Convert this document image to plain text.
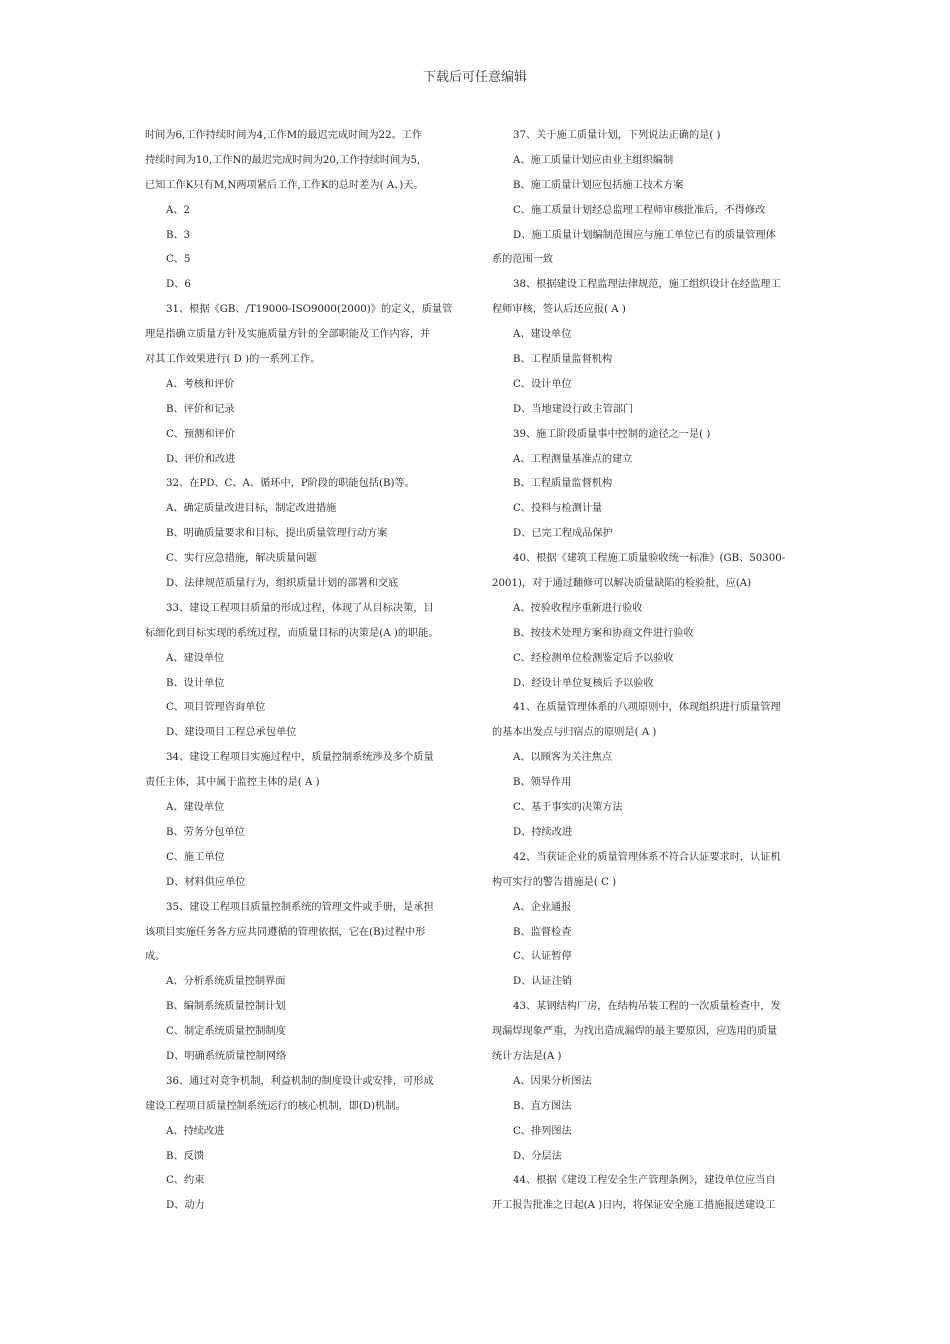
下载后可任意编辑
时间为6,工作持续时间为4,工作M的最迟完成时间为22。工作
持续时间为10,工作N的最迟完成时间为20,工作持续时间为5,
已知工作K只有M,N两项紧后工作,工作K的总时差为( A、)天。
A、2
B、3
C、5
D、6
31、根据《GB、/T19000-ISO9000(2000)》的定义，质量管
理是指确立质量方针及实施质量方针的全部职能及工作内容，并
对其工作效果进行( D )的一系列工作。
A、考核和评价
B、评价和记录
C、预测和评价
D、评价和改进
32、在PD、C、A、循环中，P阶段的职能包括(B)等。
A、确定质量改进目标，制定改进措施
B、明确质量要求和目标，提出质量管理行动方案
C、实行应急措施，解决质量问题
D、法律规范质量行为，组织质量计划的部署和交底
33、建设工程项目质量的形成过程，体现了从目标决策，目
标细化到目标实现的系统过程，而质量目标的决策是(A )的职能。
A、建设单位
B、设计单位
C、项目管理咨询单位
D、建设项目工程总承包单位
34、建设工程项目实施过程中，质量控制系统涉及多个质量
责任主体，其中属于监控主体的是( A )
A、建设单位
B、劳务分包单位
C、施工单位
D、材料供应单位
35、建设工程项目质量控制系统的管理文件或手册，是承担
该项目实施任务各方应共同遵循的管理依据，它在(B)过程中形
成。
A、分析系统质量控制界面
B、编制系统质量控制计划
C、制定系统质量控制制度
D、明确系统质量控制网络
36、通过对竞争机制，利益机制的制度设计或安排，可形成
建设工程项目质量控制系统运行的核心机制，即(D)机制。
A、持续改进
B、反馈
C、约束
D、动力
37、关于施工质量计划，下列说法正确的是( )
A、施工质量计划应由业主组织编制
B、施工质量计划应包括施工技术方案
C、施工质量计划经总监理工程师审核批准后，不得修改
D、施工质量计划编制范围应与施工单位已有的质量管理体
系的范围一致
38、根据建设工程监理法律规范，施工组织设计在经监理工
程师审核，签认后还应报( A )
A、建设单位
B、工程质量监督机构
C、设计单位
D、当地建设行政主管部门
39、施工阶段质量事中控制的途径之一是( )
A、工程测量基准点的建立
B、工程质量监督机构
C、投料与检测计量
D、已完工程成品保护
40、根据《建筑工程施工质量验收统一标准》(GB、50300-
2001)，对于通过翻修可以解决质量缺陷的检验批，应(A)
A、按验收程序重新进行验收
B、按技术处理方案和协商文件进行验收
C、经检测单位检测鉴定后予以验收
D、经设计单位复核后予以验收
41、在质量管理体系的八项原则中，体现组织进行质量管理
的基本出发点与归宿点的原则是( A )
A、以顾客为关注焦点
B、领导作用
C、基于事实的决策方法
D、持续改进
42、当获证企业的质量管理体系不符合认证要求时，认证机
构可实行的警告措施是( C )
A、企业通报
B、监督检查
C、认证暂停
D、认证注销
43、某钢结构厂房，在结构吊装工程的一次质量检查中，发
现漏焊现象严重，为找出造成漏焊的最主要原因，应选用的质量
统计方法是(A )
A、因果分析图法
B、直方图法
C、排列图法
D、分层法
44、根据《建设工程安全生产管理条例》，建设单位应当自
开工报告批准之日起(A )日内，将保证安全施工措施报送建设工
